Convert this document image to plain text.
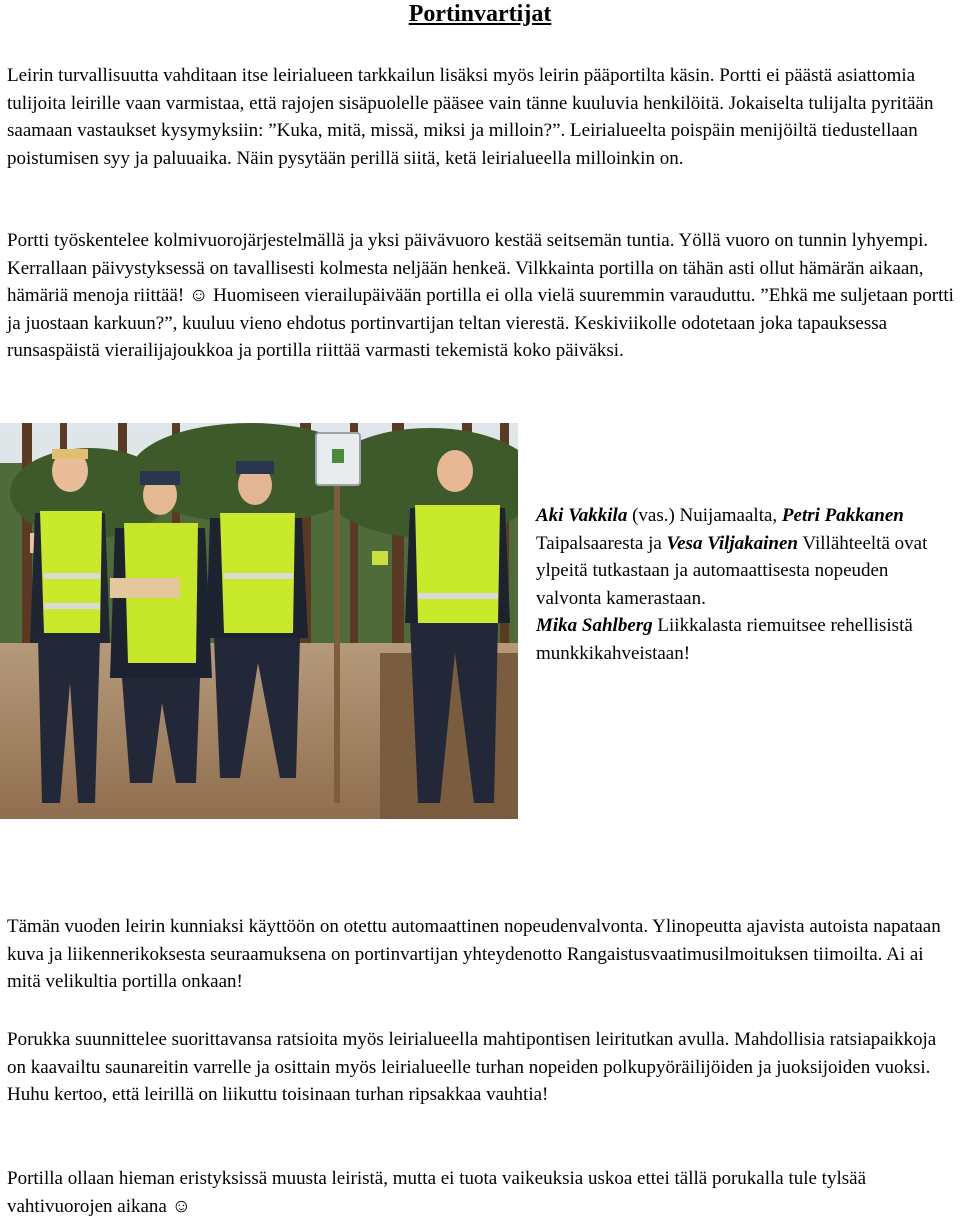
Portinvartijat

Leirin turvallisuutta vahditaan itse leirialueen tarkkailun lisäksi myös leirin pääportilta käsin. Portti ei päästä asiattomia tulijoita leirille vaan varmistaa, että rajojen sisäpuolelle pääsee vain tänne kuuluvia henkilöitä. Jokaiselta tulijalta pyritään saamaan vastaukset kysymyksiin: ”Kuka, mitä, missä, miksi ja milloin?”. Leirialueelta poispäin menijöiltä tiedustellaan poistumisen syy ja paluuaika. Näin pysytään perillä siitä, ketä leirialueella milloinkin on.

Portti työskentelee kolmivuorojärjestelmällä ja yksi päivävuoro kestää seitsemän tuntia. Yöllä vuoro on tunnin lyhyempi. Kerrallaan päivystyksessä on tavallisesti kolmesta neljään henkeä. Vilkkainta portilla on tähän asti ollut hämärän aikaan, hämäriä menoja riittää! ☺ Huomiseen vierailupäivään portilla ei olla vielä suuremmin varauduttu. ”Ehkä me suljetaan portti ja juostaan karkuun?”, kuuluu vieno ehdotus portinvartijan teltan vierestä. Keskiviikolle odotetaan joka tapauksessa runsaspäistä vierailijajoukkoa ja portilla riittää varmasti tekemistä koko päiväksi.

Aki Vakkila (vas.) Nuijamaalta, Petri Pakkanen Taipalsaaresta ja Vesa Viljakainen Villähteeltä ovat ylpeitä tutkastaan ja automaattisesta nopeuden valvonta kamerastaan.
Mika Sahlberg Liikkalasta riemuitsee rehellisistä munkkikahveistaan!

Tämän vuoden leirin kunniaksi käyttöön on otettu automaattinen nopeudenvalvonta. Ylinopeutta ajavista autoista napataan kuva ja liikennerikoksesta seuraamuksena on portinvartijan yhteydenotto Rangaistusvaatimusilmoituksen tiimoilta. Ai ai mitä velikultia portilla onkaan!

Porukka suunnittelee suorittavansa ratsioita myös leirialueella mahtipontisen leiritutkan avulla. Mahdollisia ratsiapaikkoja on kaavailtu saunareitin varrelle ja osittain myös leirialueelle turhan nopeiden polkupyöräilijöiden ja juoksijoiden vuoksi. Huhu kertoo, että leirillä on liikuttu toisinaan turhan ripsakkaa vauhtia!

Portilla ollaan hieman eristyksissä muusta leiristä, mutta ei tuota vaikeuksia uskoa ettei tällä porukalla tule tylsää vahtivuorojen aikana ☺
